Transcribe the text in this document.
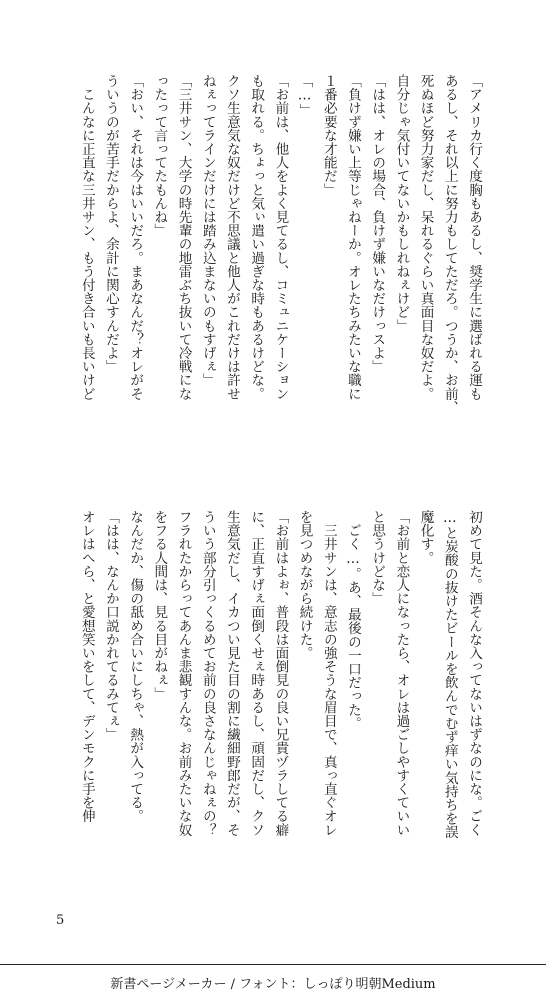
「アメリカ行く度胸もあるし、奨学生に選ばれる運も
あるし、それ以上に努力もしてただろ。つうか、お前、
死ぬほど努力家だし、呆れるぐらい真面目な奴だよ。
自分じゃ気付いてないかもしれねぇけど」
「はは、オレの場合、負けず嫌いなだけっスよ」
「負けず嫌い上等じゃねーか。オレたちみたいな職に
１番必要な才能だ」
「…」
「お前は、他人をよく見てるし、コミュニケーション
も取れる。ちょっと気ぃ遣い過ぎな時もあるけどな。
クソ生意気な奴だけど不思議と他人がこれだけは許せ
ねぇってラインだけには踏み込まないのもすげぇ」
「三井サン、大学の時先輩の地雷ぶち抜いて冷戦にな
ったって言ってたもんね」
「おい、それは今はいいだろ。まあなんだ？オレがそ
ういうのが苦手だからよ、余計に関心すんだよ」
　こんなに正直な三井サン、もう付き合いも長いけど
初めて見た。酒そんな入ってないはずなのにな。ごく
…と炭酸の抜けたビールを飲んでむず痒い気持ちを誤
魔化す。
「お前と恋人になったら、オレは過ごしやすくていい
と思うけどな」
　ごく…。あ、最後の一口だった。
　三井サンは、意志の強そうな眉目で、真っ直ぐオレ
を見つめながら続けた。
「お前はよぉ、普段は面倒見の良い兄貴ヅラしてる癖
に、正直すげぇ面倒くせぇ時あるし、頑固だし、クソ
生意気だし、イカつい見た目の割に繊細野郎だが、そ
ういう部分引っくるめてお前の良さなんじゃねぇの？
フラれたからってあんま悲観すんな。お前みたいな奴
をフる人間は、見る目がねぇ」
なんだか、傷の舐め合いにしちゃ、熱が入ってる。
「はは、なんか口説かれてるみてぇ」
オレはへら、と愛想笑いをして、デンモクに手を伸
5
新書ページメーカー / フォント：しっぽり明朝Medium
